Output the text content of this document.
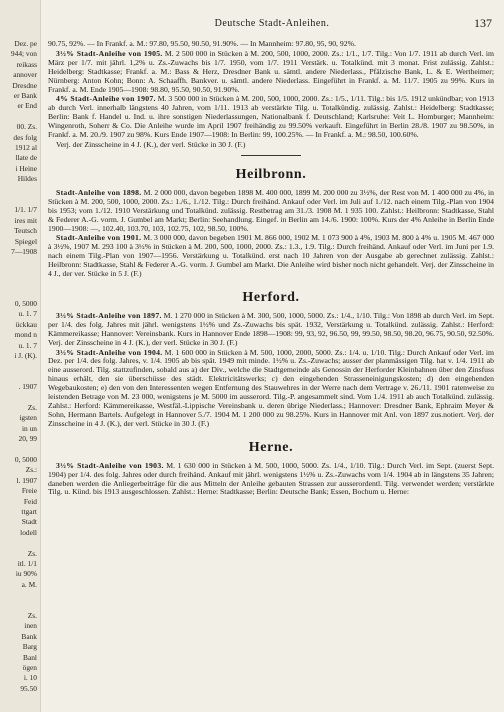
Dez. pe
944; von
reikass
annover
Dresdne
er Bank
er End
00. Zs.
des folg
1912 al
llate de
i Heine
Hildes
1/1. 1/7
ires mit
Teutsch
Spiegel
7—1908
0, 5000
u. 1. 7
ückkau
mond n
u. 1. 7
i J. (K).
. 1907
Zs.
igsten
in un
20, 99
0, 5000
Zs.:
l. 1907
Freie
Feid
ttgart
Stadt
lodell
Zs.
itl. 1/1
iu 90%
a. M.
Zs.
inen
Bank
Barg
Banl
ögen
i. 10
95.50
Deutsche Stadt-Anleihen.	137

90.75, 92%. — In Frankf. a. M.: 97.80, 95.50, 90.50, 91.90%. — In Mannheim: 97.80, 95, 90, 92%.

3½% Stadt-Anleihe von 1905. M. 2 500 000 in Stücken à M. 200, 500, 1000, 2000. Zs.: 1/1., 1/7. Tilg.: Von 1/7. 1911 ab durch Verl. im März per 1/7. mit jährl. 1,2% u. Zs.-Zuwachs bis 1/7. 1950, vom 1/7. 1911 Verstärk. u. Totalkünd. mit 3 monat. Frist zulässig. Zahlst.: Heidelberg: Stadtkasse; Frankf. a. M.: Bass & Herz, Dresdner Bank u. sämtl. andere Niederlass., Pfälzische Bank, L. & E. Wertheimer; Nürnberg: Anton Kohn; Bonn: A. Schaaffh. Bankver. u. sämtl. andere Niederlass. Eingeführt in Frankf. a. M. 11/7. 1905 zu 99%. Kurs in Frankf. a. M. Ende 1905—1908: 98.80, 95.50, 90.50, 91.90%.

4% Stadt-Anleihe von 1907. M. 3 500 000 in Stücken à M. 200, 500, 1000, 2000. Zs.: 1/5., 1/11. Tilg.: bis 1/5. 1912 unkündbar; von 1913 ab durch Verl. innerhalb längstens 40 Jahren, vom 1/11. 1913 ab verstärkte Tilg. u. Totalkündig. zulässig. Zahlst.: Heidelberg: Stadtkasse; Berlin: Bank f. Handel u. Ind. u. ihre sonstigen Niederlassungen, Nationalbank f. Deutschland; Karlsruhe: Veit L. Homburger; Mannheim: Wingenroth, Soherr & Co. Die Anleihe wurde im April 1907 freihändig zu 99.50% verkauft. Eingeführt in Berlin 28./8. 1907 zu 98.50%, in Frankf. a. M. 20./9. 1907 zu 98%. Kurs Ende 1907—1908: In Berlin: 99, 100.25%. — In Frankf. a. M.: 98.50, 100.60%.

Verj. der Zinsscheine in 4 J. (K.), der verl. Stücke in 30 J. (F.)

Heilbronn.

Stadt-Anleihe von 1898. M. 2 000 000, davon begeben 1898 M. 400 000, 1899 M. 200 000 zu 3½%, der Rest von M. 1 400 000 zu 4%, in Stücken à M. 200, 500, 1000, 2000. Zs.: 1./6., 1./12. Tilg.: Durch freihänd. Ankauf oder Verl. im Juli auf 1./12. nach einem Tilg.-Plan von 1904 bis 1953; vom 1./12. 1910 Verstärkung und Totalkünd. zulässig. Restbetrag am 31./3. 1908 M. 1 935 100. Zahlst.: Heilbronn: Stadtkasse, Stahl & Federer A.-G. vorm. J. Gumbel am Markt; Berlin: Seehandlung. Eingef. in Berlin am 14./6. 1900: 100%. Kurs der 4% Anleihe in Berlin Ende 1900—1908: —, 102.40, 103.70, 103, 102.75, 102, 98.50, 100%.

Stadt-Anleihe von 1901. M. 3 000 000, davon begeben 1901 M. 866 000, 1902 M. 1 073 900 à 4%, 1903 M. 800 à 4% u. 1905 M. 467 000 à 3½%, 1907 M. 293 100 à 3½% in Stücken à M. 200, 500, 1000, 2000. Zs.: 1.3., 1.9. Tilg.: Durch freihänd. Ankauf oder Verl. im Juni per 1.9. nach einem Tilg.-Plan von 1907—1956. Verstärkung u. Totalkünd. erst nach 10 Jahren von der Ausgabe ab gerechnet zulässig. Zahlst.: Heilbronn: Stadtkasse, Stahl & Federer A.-G. vorm. J. Gumbel am Markt. Die Anleihe wird bisher noch nicht gehandelt. Verj. der Zinsscheine in 4 J., der ver. Stücke in 5 J. (F.)

Herford.

3½% Stadt-Anleihe von 1897. M. 1 270 000 in Stücken à M. 300, 500, 1000, 5000. Zs.: 1/4., 1/10. Tilg.: Von 1898 ab durch Verl. im Sept. per 1/4. des folg. Jahres mit jährl. wenigstens 1½% und Zs.-Zuwachs bis spät. 1932, Verstärkung u. Totalkünd. zulässig. Zahlst.: Herford: Kämmereikasse; Hannover: Vereinsbank. Kurs in Hannover Ende 1898—1908: 99, 93, 92, 96.50, 99, 99.50, 98.50, 98.20, 96.75, 90.50, 92.50%. Verj. der Zinsscheine in 4 J. (K.), der verl. Stücke in 30 J. (F.)

3½% Stadt-Anleihe von 1904. M. 1 600 000 in Stücken à M. 500, 1000, 2000, 5000. Zs.: 1/4. u. 1/10. Tilg.: Durch Ankauf oder Verl. im Dez. per 1/4. des folg. Jahres, v. 1/4. 1905 ab bis spät. 1949 mit minde. 1½% u. Zs.-Zuwachs; ausser der planmässigen Tilg. hat v. 1/4. 1911 ab eine ausserord. Tilg. stattzufinden, sobald aus a) der Div., welche die Stadtgemeinde als Genossin der Herforder Kleinbahnen über den Zinsfuss hinaus erhält, den sie überschüsse des städt. Elektricitätswerks; c) den eingehenden Strasseneinigungskosten; d) den eingehenden Wegebaukosten; e) den von den Interessenten wegen Entfernung des Stauwehres in der Werre nach dem Vertrage v. 26./11. 1901 ratenweise zu leistenden Betrage von M. 23 000, wenigstens je M. 5000 im ausserord. Tilg.-P. angesammelt sind. Vom 1./4. 1911 ab auch Totalkünd. zulässig. Zahlst.: Herford: Kämmereikasse, Westfäl.-Lippische Vereinsbank u. deren übrige Niederlass.; Hannover: Dresdner Bank, Ephraim Meyer & Sohn, Hermann Bartels. Aufgelegt in Hannover 5./7. 1904 M. 1 200 000 zu 98.25%. Kurs in Hannover mit Anl. von 1897 zus.notiert. Verj. der Zinsscheine in 4 J. (K.), der verl. Stücke in 30 J. (F.)

Herne.

3½% Stadt-Anleihe von 1903. M. 1 630 000 in Stücken à M. 500, 1000, 5000. Zs. 1/4., 1/10. Tilg.: Durch Verl. im Sept. (zuerst Sept. 1904) per 1/4. des folg. Jahres oder durch freihänd. Ankauf mit jährl. wenigstens 1½% u. Zs.-Zuwachs vom 1/4. 1904 ab in längstens 35 Jahren; daneben werden die Anliegerbeiträge für die aus Mitteln der Anleihe gebauten Strassen zur ausserordentl. Tilg. verwendet werden; verstärkte Tilg. u. Künd. bis 1913 ausgeschlossen. Zahlst.: Herne: Stadtkasse; Berlin: Deutsche Bank; Essen, Bochum u. Herne:
